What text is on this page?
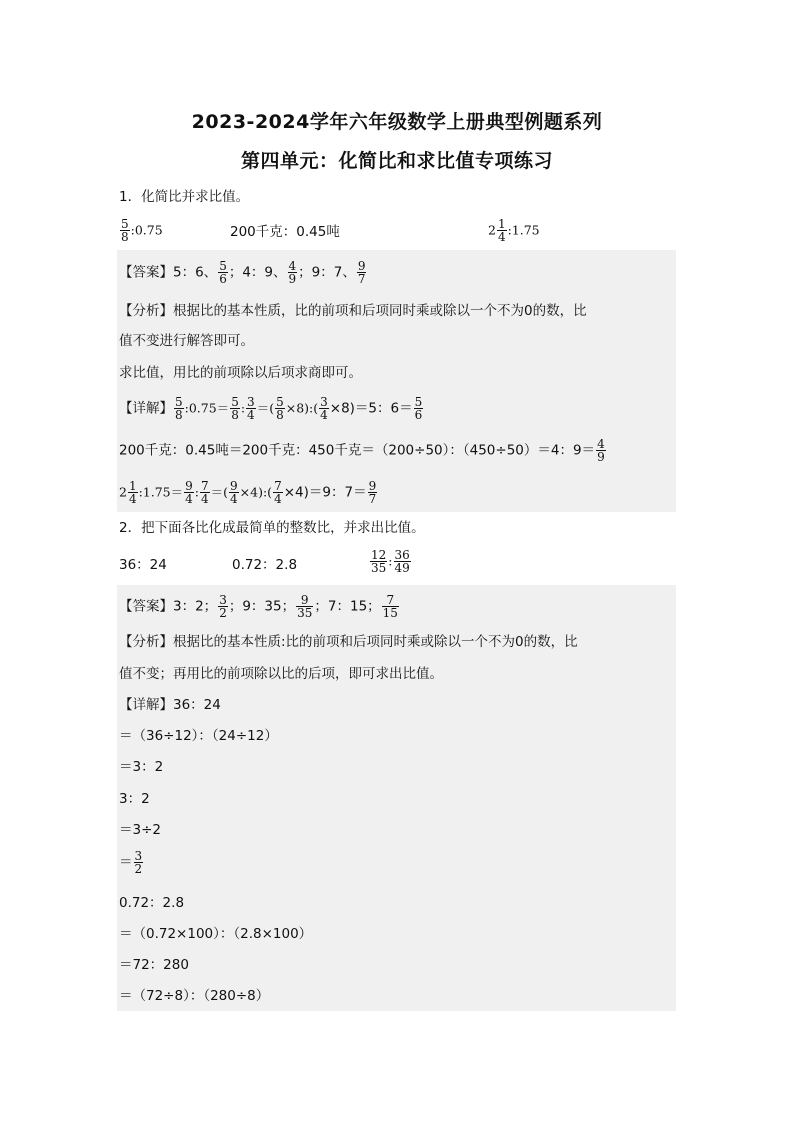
2023-2024学年六年级数学上册典型例题系列
第四单元：化简比和求比值专项练习
1．化简比并求比值。
$\frac{5}{8}$ :0.75	200千克：0.45吨	$2 \frac{1}{4}$ :1.75
【答案】5：6、 $\frac{5}{6}$ ；4：9、 $\frac{4}{9}$ ；9：7、 $\frac{9}{7}$
【分析】根据比的基本性质，比的前项和后项同时乘或除以一个不为0的数，比
值不变进行解答即可。
求比值，用比的前项除以后项求商即可。
【详解】 $\frac{5}{8}$ :0.75＝ $\frac{5}{8}$ : $\frac{3}{4}$ ＝( $\frac{5}{8}$ ×8):( $\frac{3}{4} \times 8)=5$：$6= \frac{5}{6}$
200千克：0.45吨＝200千克：450千克＝（200÷50）：（450÷50）＝4：$9= \frac{4}{9}$
$2 \frac{1}{4}$ :1.75＝ $\frac{9}{4}$ : $\frac{7}{4}$ ＝( $\frac{9}{4}$ ×4):( $\frac{7}{4} \times 4)=9$：$7= \frac{9}{7}$
2．把下面各比化成最简单的整数比，并求出比值。
36：24	0.72：2.8	$\frac{12}{35}$ : $\frac{36}{49}$
【答案】3：2； $\frac{3}{2}$ ；9：35； $\frac{9}{35}$ ；7：15； $\frac{7}{15}$
【分析】根据比的基本性质:比的前项和后项同时乘或除以一个不为0的数，比
值不变；再用比的前项除以比的后项，即可求出比值。
【详解】36：24
＝（36÷12）：（24÷12）
＝3：2
3：2
＝3÷2
＝ $\frac{3}{2}$
0.72：2.8
＝（0.72×100）：（2.8×100）
＝72：280
＝（72÷8）：（280÷8）
